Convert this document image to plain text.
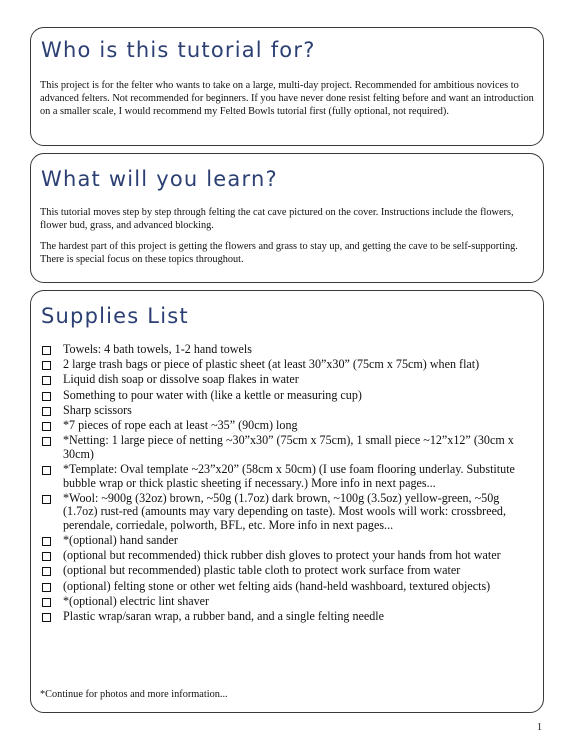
Who is this tutorial for?

This project is for the felter who wants to take on a large, multi-day project. Recommended for ambitious novices to advanced felters. Not recommended for beginners. If you have never done resist felting before and want an introduction on a smaller scale, I would recommend my Felted Bowls tutorial first (fully optional, not required).

What will you learn?

This tutorial moves step by step through felting the cat cave pictured on the cover. Instructions include the flowers, flower bud, grass, and advanced blocking.

The hardest part of this project is getting the flowers and grass to stay up, and getting the cave to be self-supporting. There is special focus on these topics throughout.

Supplies List
Towels: 4 bath towels, 1-2 hand towels
2 large trash bags or piece of plastic sheet (at least 30”x30” (75cm x 75cm) when flat)
Liquid dish soap or dissolve soap flakes in water
Something to pour water with (like a kettle or measuring cup)
Sharp scissors
*7 pieces of rope each at least ~35” (90cm) long
*Netting: 1 large piece of netting ~30”x30” (75cm x 75cm), 1 small piece ~12”x12” (30cm x 30cm)
*Template: Oval template ~23”x20” (58cm x 50cm) (I use foam flooring underlay. Substitute bubble wrap or thick plastic sheeting if necessary.) More info in next pages...
*Wool: ~900g (32oz) brown, ~50g (1.7oz) dark brown, ~100g (3.5oz) yellow-green, ~50g (1.7oz) rust-red (amounts may vary depending on taste). Most wools will work: crossbreed, perendale, corriedale, polworth, BFL, etc. More info in next pages...
*(optional) hand sander
(optional but recommended) thick rubber dish gloves to protect your hands from hot water
(optional but recommended) plastic table cloth to protect work surface from water
(optional) felting stone or other wet felting aids (hand-held washboard, textured objects)
*(optional) electric lint shaver
Plastic wrap/saran wrap, a rubber band, and a single felting needle

*Continue for photos and more information...

1
